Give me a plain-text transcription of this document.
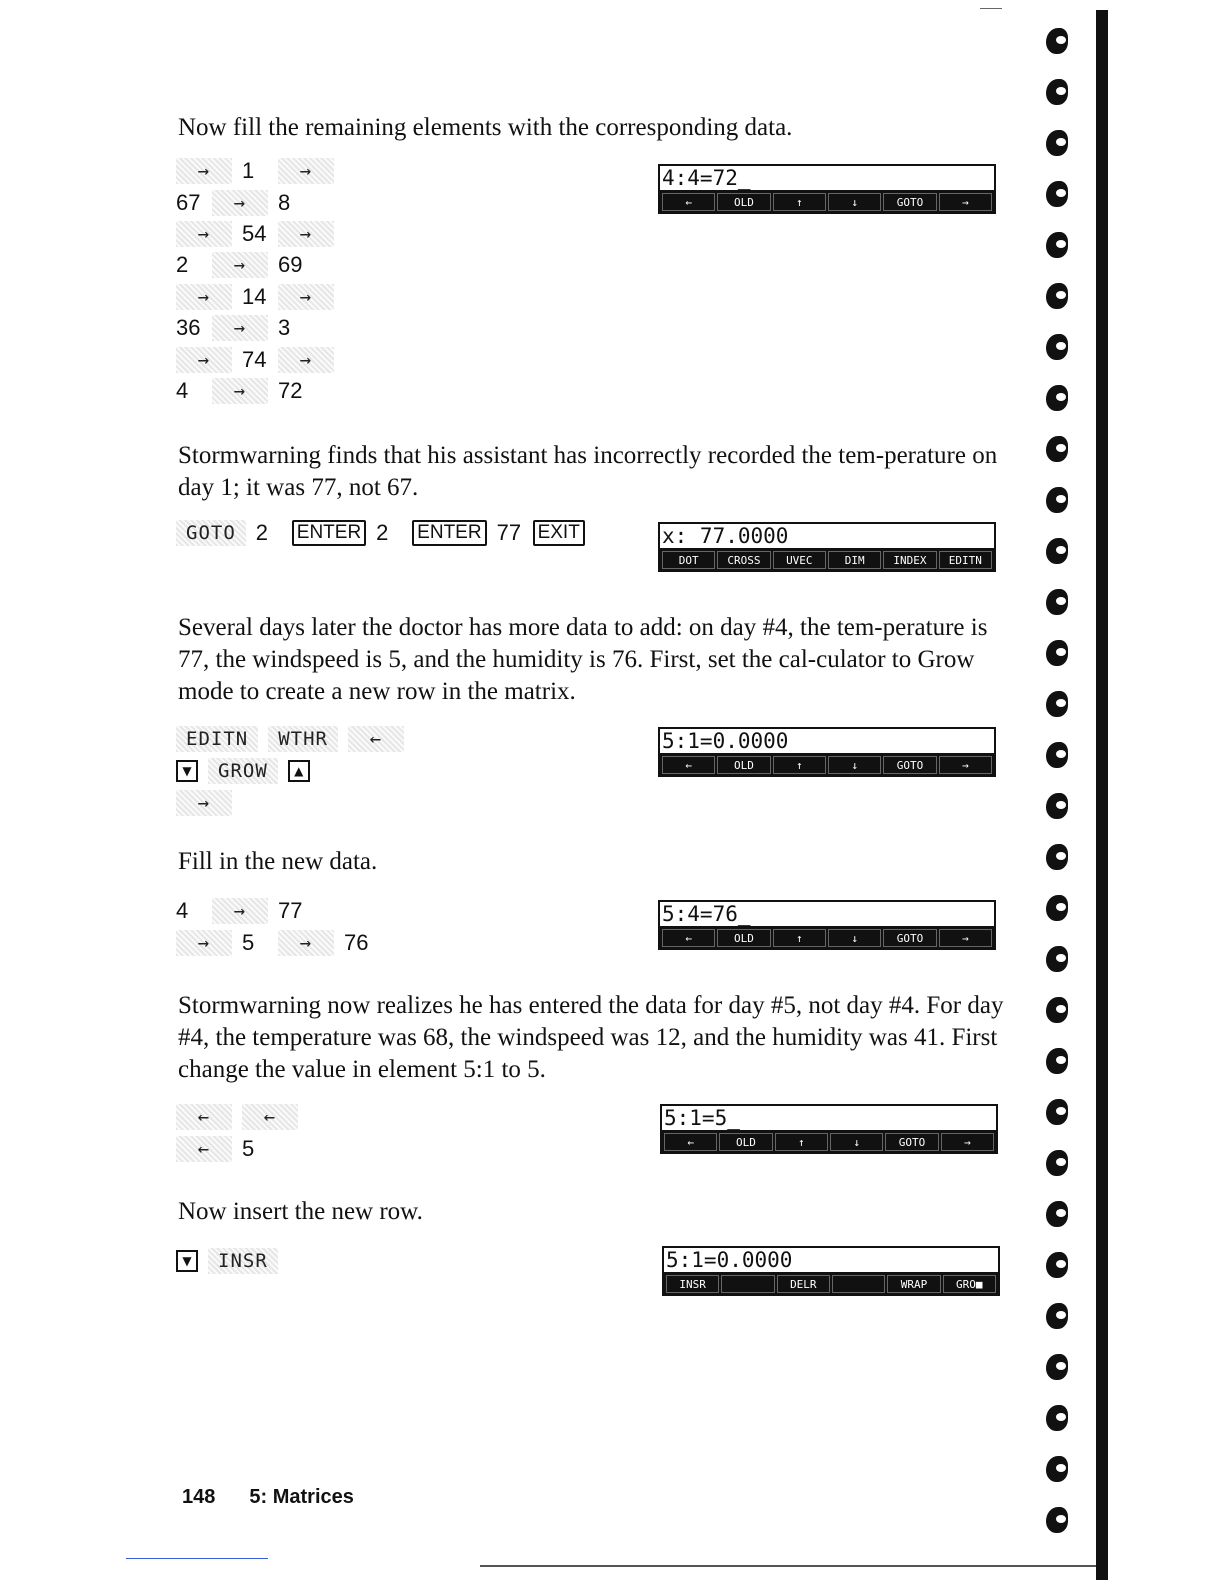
Now fill the remaining elements with the corresponding data.
→	1	→
67	→	8
→	54	→
2	→	69
→	14	→
36	→	3
→	74	→
4	→	72
4:4=72_
←	OLD	↑	↓	GOTO	→
Stormwarning finds that his assistant has incorrectly recorded the tem-perature on day 1; it was 77, not 67.
GOTO 2	ENTER 2	ENTER 77 EXIT	x: 77.0000
DOT	CROSS	UVEC	DIM	INDEX	EDITN
Several days later the doctor has more data to add: on day #4, the tem-perature is 77, the windspeed is 5, and the humidity is 76. First, set the cal-culator to Grow mode to create a new row in the matrix.
EDITN	WTHR	←
▼	GROW	▲
→
5:1=0.0000
←	OLD	↑	↓	GOTO	→
Fill in the new data.
4	→	77
→	5	→	76
5:4=76_
←	OLD	↑	↓	GOTO	→
Stormwarning now realizes he has entered the data for day #5, not day #4. For day #4, the temperature was 68, the windspeed was 12, and the humidity was 41. First change the value in element 5:1 to 5.
←	←
←	5
5:1=5_
←	OLD	↑	↓	GOTO	→
Now insert the new row.
▼	INSR	5:1=0.0000
INSR	DELR	WRAP	GRO■
148 5: Matrices
